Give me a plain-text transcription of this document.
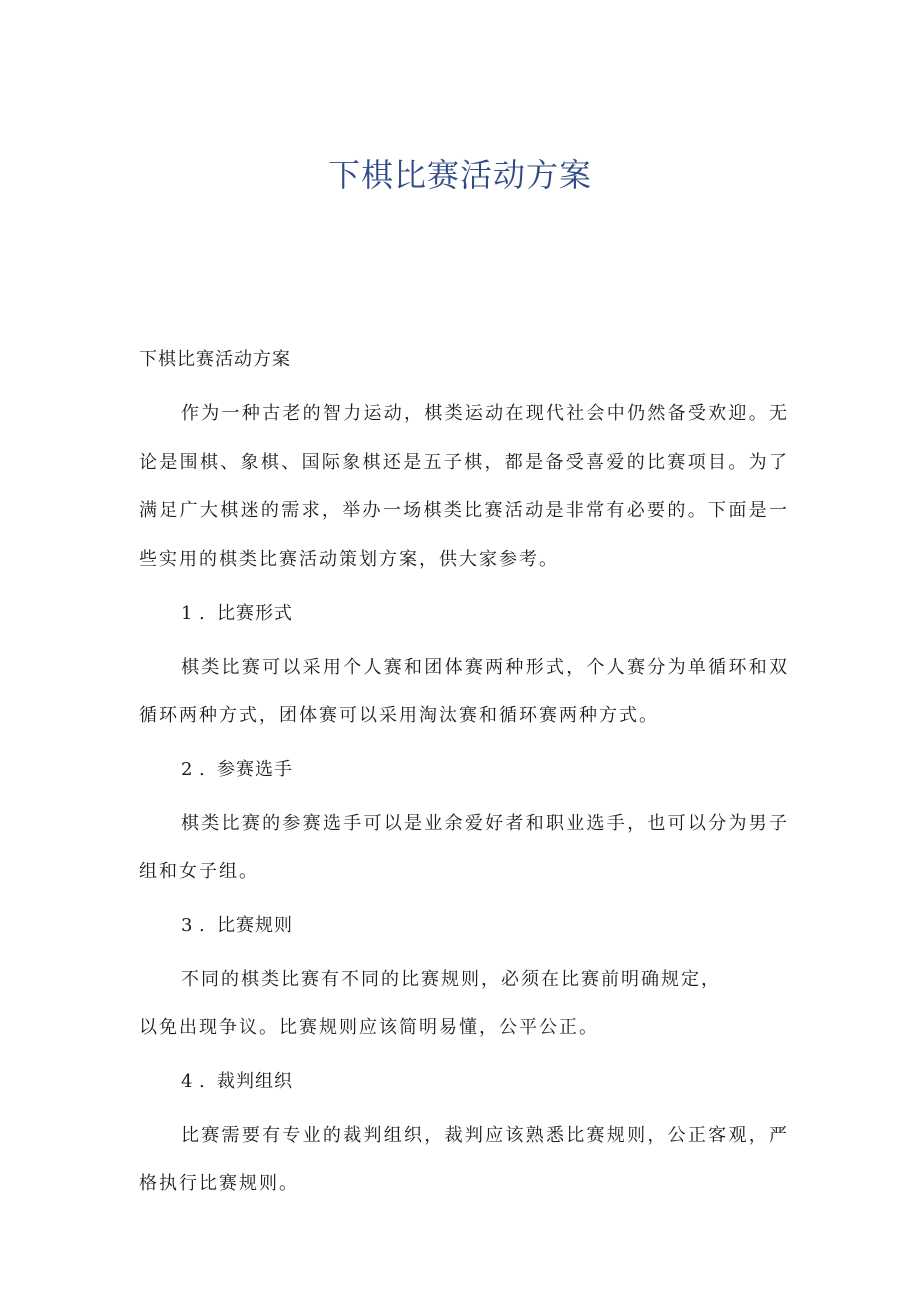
下棋比赛活动方案

下棋比赛活动方案

作为一种古老的智力运动，棋类运动在现代社会中仍然备受欢迎。无论是围棋、象棋、国际象棋还是五子棋，都是备受喜爱的比赛项目。为了满足广大棋迷的需求，举办一场棋类比赛活动是非常有必要的。下面是一些实用的棋类比赛活动策划方案，供大家参考。

1 . 比赛形式

棋类比赛可以采用个人赛和团体赛两种形式，个人赛分为单循环和双循环两种方式，团体赛可以采用淘汰赛和循环赛两种方式。

2 . 参赛选手

棋类比赛的参赛选手可以是业余爱好者和职业选手，也可以分为男子组和女子组。

3 . 比赛规则
不同的棋类比赛有不同的比赛规则，必须在比赛前明确规定，
以免出现争议。比赛规则应该简明易懂，公平公正。
4 . 裁判组织

比赛需要有专业的裁判组织，裁判应该熟悉比赛规则，公正客观，严格执行比赛规则。
